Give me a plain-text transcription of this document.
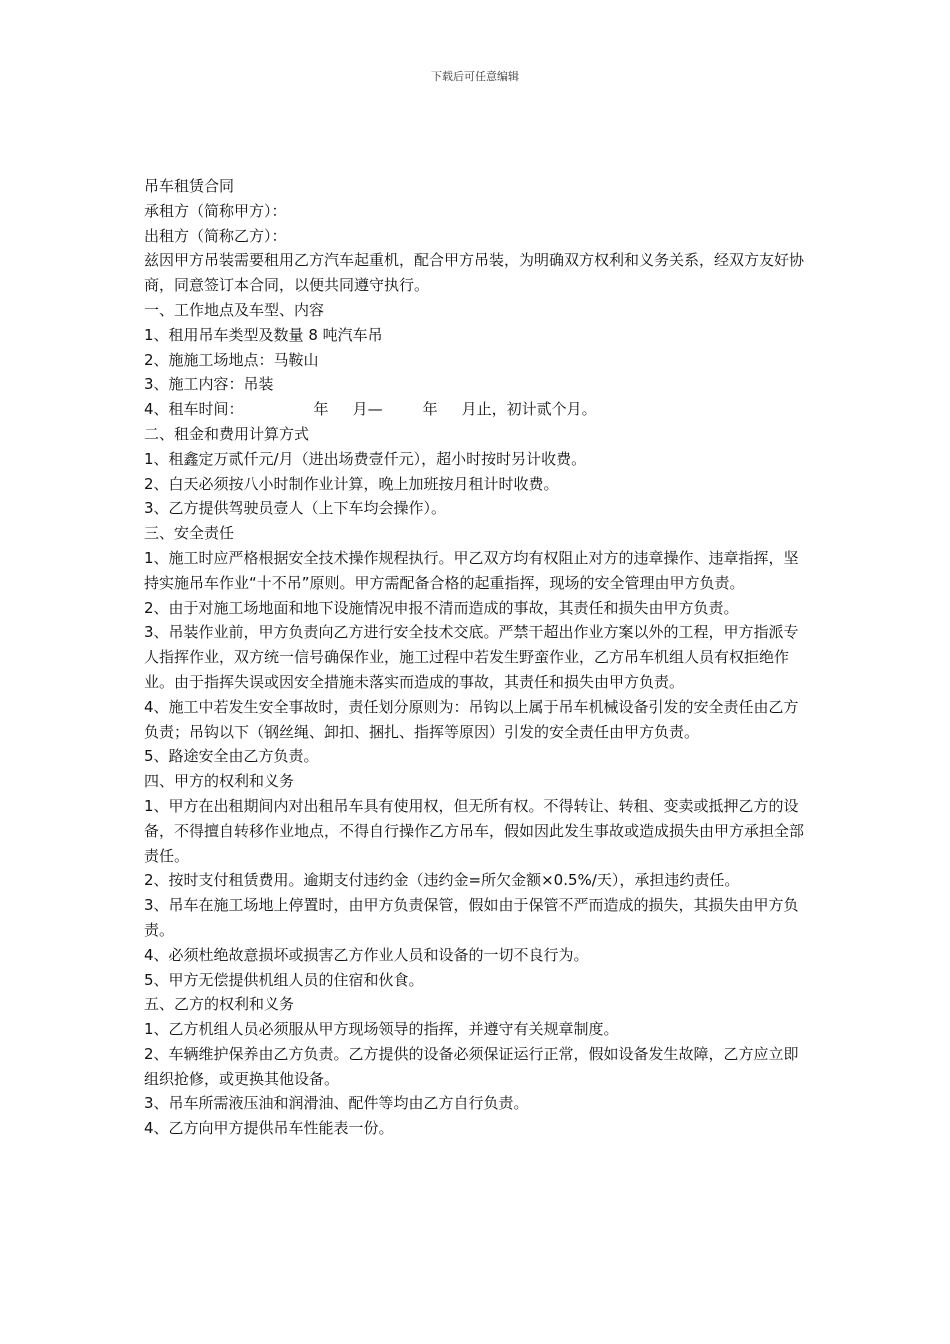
下载后可任意编辑
吊车租赁合同
承租方（简称甲方）：
出租方（简称乙方）：
兹因甲方吊装需要租用乙方汽车起重机，配合甲方吊装，为明确双方权利和义务关系，经双方友好协商，同意签订本合同，以便共同遵守执行。
一、工作地点及车型、内容
1、租用吊车类型及数量 8 吨汽车吊
2、施施工场地点：马鞍山
3、施工内容：吊装
4、租车时间：	年 月—	年 月止，初计贰个月。
二、租金和费用计算方式
1、租鑫定万贰仟元/月（进出场费壹仟元），超小时按时另计收费。
2、白天必须按八小时制作业计算，晚上加班按月租计时收费。
3、乙方提供驾驶员壹人（上下车均会操作）。
三、安全责任
1、施工时应严格根据安全技术操作规程执行。甲乙双方均有权阻止对方的违章操作、违章指挥，坚持实施吊车作业“十不吊”原则。甲方需配备合格的起重指挥，现场的安全管理由甲方负责。
2、由于对施工场地面和地下设施情况申报不清而造成的事故，其责任和损失由甲方负责。
3、吊装作业前，甲方负责向乙方进行安全技术交底。严禁干超出作业方案以外的工程，甲方指派专人指挥作业，双方统一信号确保作业，施工过程中若发生野蛮作业，乙方吊车机组人员有权拒绝作业。由于指挥失误或因安全措施未落实而造成的事故，其责任和损失由甲方负责。
4、施工中若发生安全事故时，责任划分原则为：吊钩以上属于吊车机械设备引发的安全责任由乙方负责；吊钩以下（钢丝绳、卸扣、捆扎、指挥等原因）引发的安全责任由甲方负责。
5、路途安全由乙方负责。
四、甲方的权利和义务
1、甲方在出租期间内对出租吊车具有使用权，但无所有权。不得转让、转租、变卖或抵押乙方的设备，不得擅自转移作业地点，不得自行操作乙方吊车，假如因此发生事故或造成损失由甲方承担全部责任。
2、按时支付租赁费用。逾期支付违约金（违约金=所欠金额×0.5%/天），承担违约责任。
3、吊车在施工场地上停置时，由甲方负责保管，假如由于保管不严而造成的损失，其损失由甲方负责。
4、必须杜绝故意损坏或损害乙方作业人员和设备的一切不良行为。
5、甲方无偿提供机组人员的住宿和伙食。
五、乙方的权利和义务
1、乙方机组人员必须服从甲方现场领导的指挥，并遵守有关规章制度。
2、车辆维护保养由乙方负责。乙方提供的设备必须保证运行正常，假如设备发生故障，乙方应立即组织抢修，或更换其他设备。
3、吊车所需液压油和润滑油、配件等均由乙方自行负责。
4、乙方向甲方提供吊车性能表一份。
